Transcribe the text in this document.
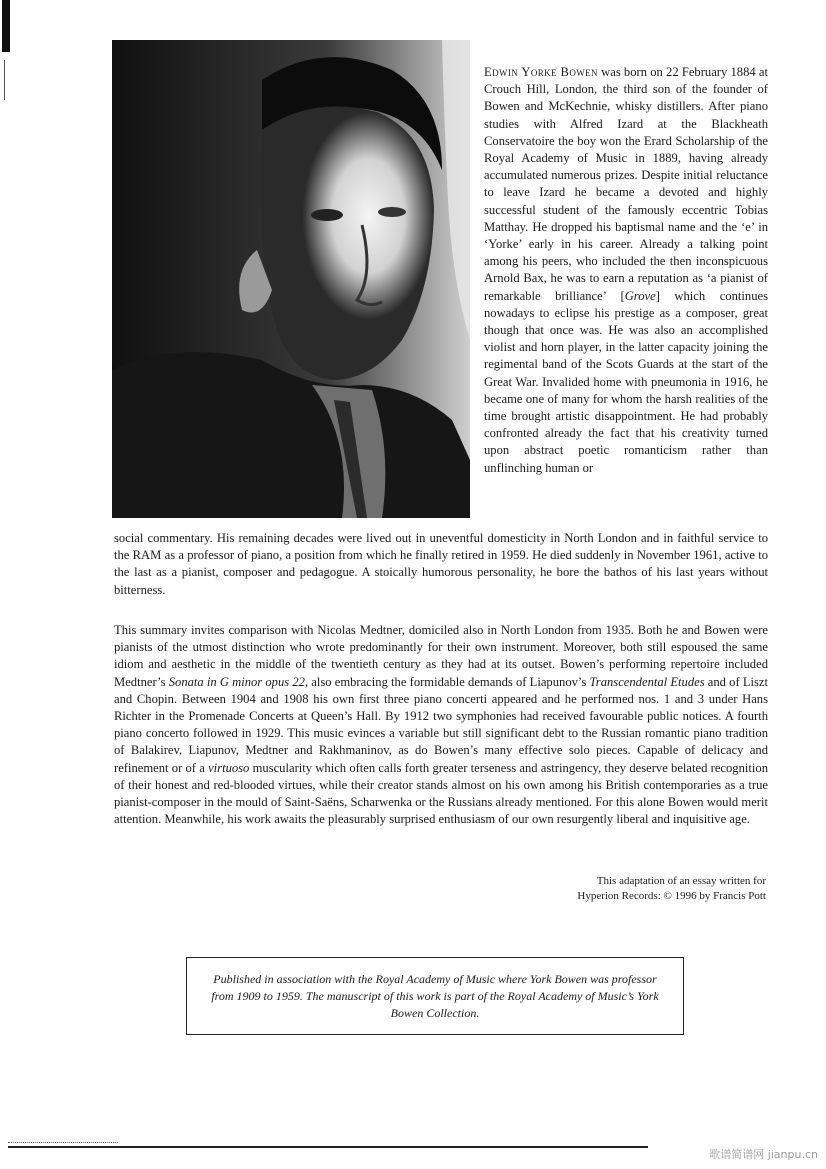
Edwin Yorke Bowen was born on 22 February 1884 at Crouch Hill, London, the third son of the founder of Bowen and McKechnie, whisky distillers. After piano studies with Alfred Izard at the Blackheath Conservatoire the boy won the Erard Scholarship of the Royal Academy of Music in 1889, having already accumulated numerous prizes. Despite initial reluctance to leave Izard he became a devoted and highly successful student of the famously eccentric Tobias Matthay. He dropped his baptismal name and the ‘e’ in ‘Yorke’ early in his career. Already a talking point among his peers, who included the then inconspicuous Arnold Bax, he was to earn a reputation as ‘a pianist of remarkable brilliance’ [Grove] which continues nowadays to eclipse his prestige as a composer, great though that once was. He was also an accomplished violist and horn player, in the latter capacity joining the regimental band of the Scots Guards at the start of the Great War. Invalided home with pneumonia in 1916, he became one of many for whom the harsh realities of the time brought artistic disappointment. He had probably confronted already the fact that his creativity turned upon abstract poetic romanticism rather than unflinching human or

social commentary. His remaining decades were lived out in uneventful domesticity in North London and in faithful service to the RAM as a professor of piano, a position from which he finally retired in 1959. He died suddenly in November 1961, active to the last as a pianist, composer and pedagogue. A stoically humorous personality, he bore the bathos of his last years without bitterness.

This summary invites comparison with Nicolas Medtner, domiciled also in North London from 1935. Both he and Bowen were pianists of the utmost distinction who wrote predominantly for their own instrument. Moreover, both still espoused the same idiom and aesthetic in the middle of the twentieth century as they had at its outset. Bowen’s performing repertoire included Medtner’s Sonata in G minor opus 22, also embracing the formidable demands of Liapunov’s Transcendental Etudes and of Liszt and Chopin. Between 1904 and 1908 his own first three piano concerti appeared and he performed nos. 1 and 3 under Hans Richter in the Promenade Concerts at Queen’s Hall. By 1912 two symphonies had received favourable public notices. A fourth piano concerto followed in 1929. This music evinces a variable but still significant debt to the Russian romantic piano tradition of Balakirev, Liapunov, Medtner and Rakhmaninov, as do Bowen’s many effective solo pieces. Capable of delicacy and refinement or of a virtuoso muscularity which often calls forth greater terseness and astringency, they deserve belated recognition of their honest and red-blooded virtues, while their creator stands almost on his own among his British contemporaries as a true pianist-composer in the mould of Saint-Saëns, Scharwenka or the Russians already mentioned. For this alone Bowen would merit attention. Meanwhile, his work awaits the pleasurably surprised enthusiasm of our own resurgently liberal and inquisitive age.

This adaptation of an essay written for
Hyperion Records: © 1996 by Francis Pott

Published in association with the Royal Academy of Music where York Bowen was professor from 1909 to 1959. The manuscript of this work is part of the Royal Academy of Music’s York Bowen Collection.

歌谱简谱网 jianpu.cn
